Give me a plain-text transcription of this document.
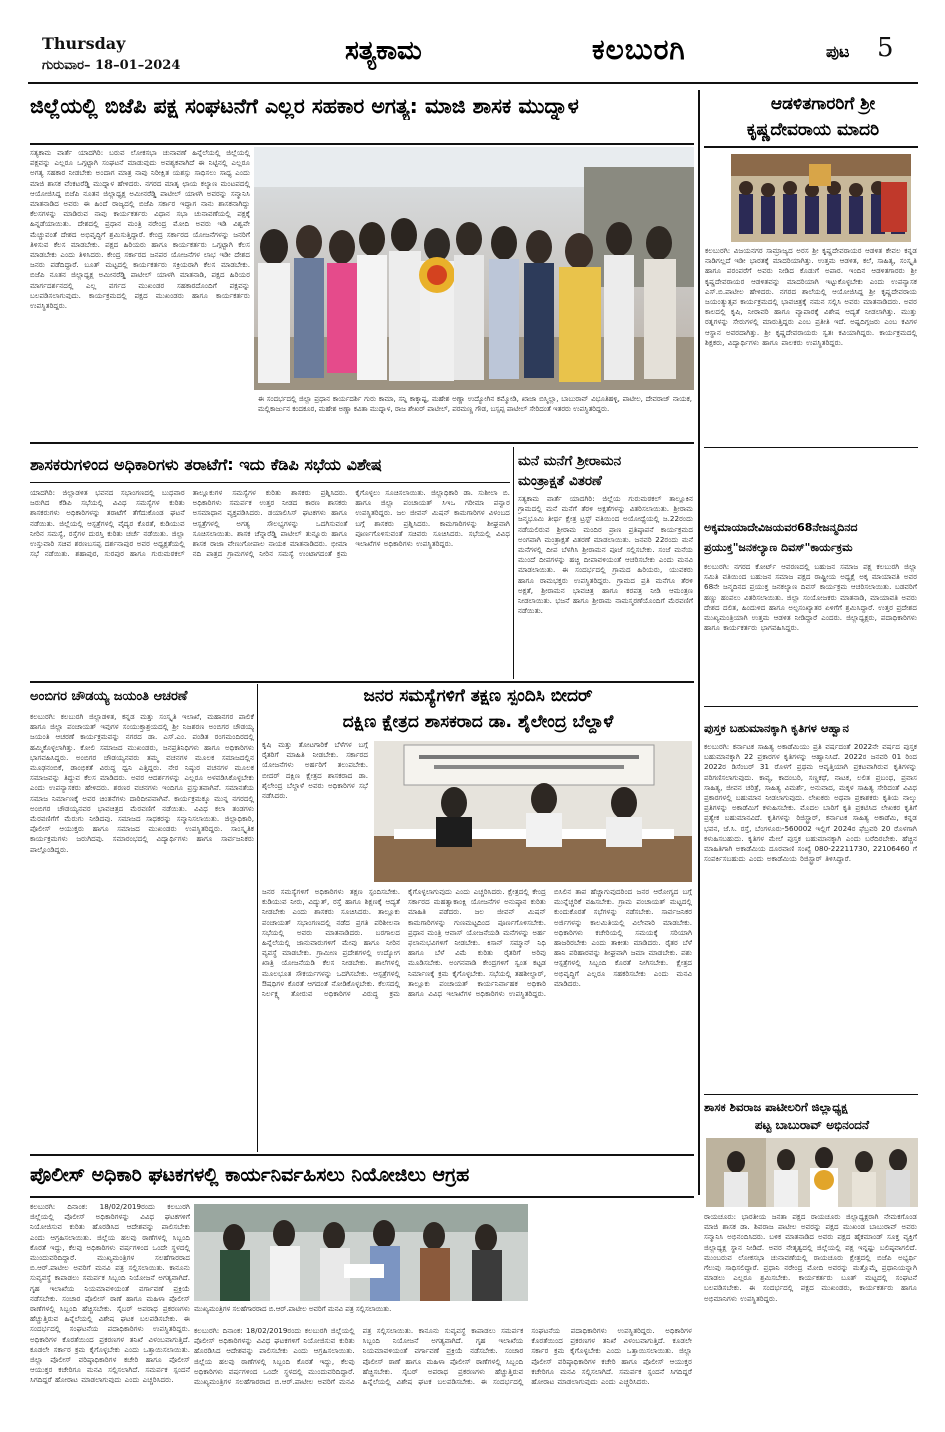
Thursday
ಗುರುವಾರ– 18–01–2024	ಸತ್ಯಕಾಮ	ಕಲಬುರಗಿ	ಪುಟ 5
ಜಿಲ್ಲೆಯಲ್ಲಿ ಬಿಜೆಪಿ ಪಕ್ಷ ಸಂಘಟನೆಗೆ ಎಲ್ಲರ ಸಹಕಾರ ಅಗತ್ಯ: ಮಾಜಿ ಶಾಸಕ ಮುದ್ನಾಳ
ಸತ್ಯಕಾಮ ವಾರ್ತೆ ಯಾದಗಿರಿ: ಬರುವ ಲೋಕಸಭಾ ಚುನಾವಣೆ ಹಿನ್ನೆಲೆಯಲ್ಲಿ ಜಿಲ್ಲೆಯಲ್ಲಿ ಪಕ್ಷವನ್ನು ಎಲ್ಲರೂ ಒಗ್ಗಟ್ಟಾಗಿ ಸಂಘಟನೆ ಮಾಡುವುದು ಅವಶ್ಯಕವಾಗಿದೆ ಈ ನಿಟ್ಟಿನಲ್ಲಿ ಎಲ್ಲರೂ ಅಗತ್ಯ ಸಹಕಾರ ನೀಡಬೇಕು ಅಂದಾಗ ಮಾತ್ರ ನಾವು ನಿರೀಕ್ಷಿತ ಯಶಸ್ಸು ಸಾಧಿಸಲು ಸಾಧ್ಯ ಎಂದು ಮಾಜಿ ಶಾಸಕ ವೆಂಕಟರೆಡ್ಡಿ ಮುದ್ನಾಳ ಹೇಳಿದರು. ನಗರದ ಮಾತೃ ಛಾಯ ಕಲ್ಯಾಣ ಮಂಟಪದಲ್ಲಿ ಆಯೋಜಿಸಿದ್ದ ಬಿಜೆಪಿ ನೂತನ ಜಿಲ್ಲಾಧ್ಯಕ್ಷ ಅಮೀನರೆಡ್ಡಿ ಪಾಟೀಲ್ ಯಾಳಗಿ ಅವರನ್ನು ಸನ್ಮಾನಿಸಿ ಮಾತನಾಡಿದ ಅವರು ಈ ಹಿಂದೆ ರಾಜ್ಯದಲ್ಲಿ ಬಿಜೆಪಿ ಸರ್ಕಾರ ಇದ್ದಾಗ ನಾನು ಶಾಸಕನಾಗಿದ್ದು ಕೆಲಸಗಳನ್ನು ಮಾಡಿರುವ ನಾವು ಕಾರ್ಯಕರ್ತರು ವಿಧಾನ ಸಭಾ ಚುನಾವಣೆಯಲ್ಲಿ ಪಕ್ಷಕ್ಕೆ ಹಿನ್ನಡೆಯಾಯಿತು. ದೇಶದಲ್ಲಿ ಪ್ರಧಾನ ಮಂತ್ರಿ ನರೇಂದ್ರ ಮೋದಿ ಅವರು ಇಡಿ ವಿಶ್ವವೇ ಮೆಚ್ಚುವಂತೆ ದೇಶದ ಅಭಿವೃದ್ಧಿಗೆ ಶ್ರಮಿಸುತ್ತಿದ್ದಾರೆ. ಕೇಂದ್ರ ಸರ್ಕಾರದ ಯೋಜನೆಗಳನ್ನು ಜನರಿಗೆ ತಿಳಿಸುವ ಕೆಲಸ ಮಾಡಬೇಕು. ಪಕ್ಷದ ಹಿರಿಯರು ಹಾಗೂ ಕಾರ್ಯಕರ್ತರು ಒಗ್ಗಟ್ಟಾಗಿ ಕೆಲಸ ಮಾಡಬೇಕು ಎಂದು ತಿಳಿಸಿದರು. ಕೇಂದ್ರ ಸರ್ಕಾರದ ಜನಪರ ಯೋಜನೆಗಳ ಲಾಭ ಇಡೀ ದೇಶದ ಜನರು ಪಡೆದಿದ್ದಾರೆ. ಬೂತ್ ಮಟ್ಟದಲ್ಲಿ ಕಾರ್ಯಕರ್ತರು ಸಕ್ರಿಯರಾಗಿ ಕೆಲಸ ಮಾಡಬೇಕು. ಬಿಜೆಪಿ ನೂತನ ಜಿಲ್ಲಾಧ್ಯಕ್ಷ ಅಮೀನರೆಡ್ಡಿ ಪಾಟೀಲ್ ಯಾಳಗಿ ಮಾತನಾಡಿ, ಪಕ್ಷದ ಹಿರಿಯರ ಮಾರ್ಗದರ್ಶನದಲ್ಲಿ ಎಲ್ಲ ವರ್ಗದ ಮುಖಂಡರ ಸಹಕಾರದೊಂದಿಗೆ ಪಕ್ಷವನ್ನು ಬಲಪಡಿಸಲಾಗುವುದು. ಕಾರ್ಯಕ್ರಮದಲ್ಲಿ ಪಕ್ಷದ ಮುಖಂಡರು ಹಾಗೂ ಕಾರ್ಯಕರ್ತರು ಉಪಸ್ಥಿತರಿದ್ದರು.
ಈ ಸಂದರ್ಭದಲ್ಲಿ ಜಿಲ್ಲಾ ಪ್ರಧಾನ ಕಾರ್ಯದರ್ಶಿ ಗುರು ಕಾಮಾ, ಸನ್ನಿ ಕಾಕ್ಕಾಷ್ಟ, ಮಹೇಶ ಅಣ್ಣಾ ಉದ್ಯೋಗಿನ ಕಮ್ಮೋಡಿ, ಖಾಜಾ ಬಿಸ್ಮಿಲ್ಲಾ, ಬಾಬುರಾವ್ ವಿಭೂತಿಹಳ್ಳಿ, ಪಾಟೀಲ, ದೇವರಾಜ್ ನಾಯಕ, ಮಲ್ಲಿಕಾರ್ಜುನ ಕಂದಕೂರ, ಮಹೇಶ ಅಣ್ಣಾ ಕವಿತಾ ಮುದ್ನಾಳ, ರಾಜ ಶೇಖರ್ ಪಾಟೀಲ್, ಪರಮಣ್ಣ ಗೌಡ, ಬಸ್ಸಪ್ಪ ಪಾಟೀಲ್ ಸೇರಿದಂತೆ ಇತರರು ಉಪಸ್ಥಿತರಿದ್ದರು.
ಆಡಳಿತಗಾರರಿಗೆ ಶ್ರೀ
ಕೃಷ್ಣದೇವರಾಯ ಮಾದರಿ
ಕಲಬುರಗಿ: ವಿಜಯನಗರ ಸಾಮ್ರಾಜ್ಯದ ಅರಸ ಶ್ರೀ ಕೃಷ್ಣದೇವರಾಯರ ಆಡಳಿತ ಕೇವಲ ಕನ್ನಡ ನಾಡಿಗಲ್ಲದೆ ಇಡೀ ಭಾರತಕ್ಕೆ ಮಾದರಿಯಾಗಿತ್ತು. ಉತ್ತಮ ಆಡಳಿತ, ಕಲೆ, ಸಾಹಿತ್ಯ, ಸಂಸ್ಕೃತಿ ಹಾಗೂ ಪರಂಪರೆಗೆ ಅವರು ನೀಡಿದ ಕೊಡುಗೆ ಅಪಾರ. ಇಂದಿನ ಆಡಳಿತಗಾರರು ಶ್ರೀ ಕೃಷ್ಣದೇವರಾಯರ ಆಡಳಿತವನ್ನು ಮಾದರಿಯಾಗಿ ಇಟ್ಟುಕೊಳ್ಳಬೇಕು ಎಂದು ಉಪನ್ಯಾಸಕ ಎಸ್.ಬಿ.ಪಾಟೀಲ ಹೇಳಿದರು. ನಗರದ ಶಾಲೆಯಲ್ಲಿ ಆಯೋಜಿಸಿದ್ದ ಶ್ರೀ ಕೃಷ್ಣದೇವರಾಯ ಜಯಂತ್ಯುತ್ಸವ ಕಾರ್ಯಕ್ರಮದಲ್ಲಿ ಭಾವಚಿತ್ರಕ್ಕೆ ನಮನ ಸಲ್ಲಿಸಿ ಅವರು ಮಾತನಾಡಿದರು. ಅವರ ಕಾಲದಲ್ಲಿ ಕೃಷಿ, ನೀರಾವರಿ ಹಾಗೂ ವ್ಯಾಪಾರಕ್ಕೆ ವಿಶೇಷ ಆದ್ಯತೆ ನೀಡಲಾಗಿತ್ತು. ಮುತ್ತು ರತ್ನಗಳನ್ನು ಸೇರುಗಳಲ್ಲಿ ಮಾರುತ್ತಿದ್ದರು ಎಂಬ ಪ್ರತೀತಿ ಇದೆ. ಅಷ್ಟದಿಗ್ಗಜರು ಎಂಬ ಕವಿಗಳ ಆಸ್ಥಾನ ಅವರದಾಗಿತ್ತು. ಶ್ರೀ ಕೃಷ್ಣದೇವರಾಯರು ಸ್ವತಃ ಕವಿಯಾಗಿದ್ದರು. ಕಾರ್ಯಕ್ರಮದಲ್ಲಿ ಶಿಕ್ಷಕರು, ವಿದ್ಯಾರ್ಥಿಗಳು ಹಾಗೂ ಪಾಲಕರು ಉಪಸ್ಥಿತರಿದ್ದರು.
ಶಾಸಕರುಗಳಿಂದ ಅಧಿಕಾರಿಗಳು ತರಾಟೆಗೆ: ಇದು ಕೆಡಿಪಿ ಸಭೆಯ ವಿಶೇಷ
ಯಾದಗಿರಿ: ಜಿಲ್ಲಾಡಳಿತ ಭವನದ ಸಭಾಂಗಣದಲ್ಲಿ ಬುಧವಾರ ಜರುಗಿದ ಕೆಡಿಪಿ ಸಭೆಯಲ್ಲಿ ವಿವಿಧ ಸಮಸ್ಯೆಗಳ ಕುರಿತು ಶಾಸಕರುಗಳು ಅಧಿಕಾರಿಗಳನ್ನು ತರಾಟೆಗೆ ತೆಗೆದುಕೊಂಡ ಘಟನೆ ನಡೆಯಿತು. ಜಿಲ್ಲೆಯಲ್ಲಿ ಆಸ್ಪತ್ರೆಗಳಲ್ಲಿ ವೈದ್ಯರ ಕೊರತೆ, ಕುಡಿಯುವ ನೀರಿನ ಸಮಸ್ಯೆ, ರಸ್ತೆಗಳ ದುರಸ್ತಿ ಕುರಿತು ಚರ್ಚೆ ನಡೆಯಿತು. ಜಿಲ್ಲಾ ಉಸ್ತುವಾರಿ ಸಚಿವ ಶರಣಬಸಪ್ಪ ದರ್ಶನಾಪುರ ಅವರ ಅಧ್ಯಕ್ಷತೆಯಲ್ಲಿ ಸಭೆ ನಡೆಯಿತು. ಶಹಾಪುರ, ಸುರಪುರ ಹಾಗೂ ಗುರುಮಠಕಲ್ ತಾಲ್ಲೂಕುಗಳ ಸಮಸ್ಯೆಗಳ ಕುರಿತು ಶಾಸಕರು ಪ್ರಶ್ನಿಸಿದರು. ಅಧಿಕಾರಿಗಳು ಸಮರ್ಪಕ ಉತ್ತರ ನೀಡದ ಕಾರಣ ಶಾಸಕರು ಅಸಮಾಧಾನ ವ್ಯಕ್ತಪಡಿಸಿದರು. ಡಯಾಲಿಸಿಸ್ ಘಟಕಗಳು ಹಾಗೂ ಆಸ್ಪತ್ರೆಗಳಲ್ಲಿ ಅಗತ್ಯ ಸೌಲಭ್ಯಗಳನ್ನು ಒದಗಿಸುವಂತೆ ಸೂಚಿಸಲಾಯಿತು. ಶಾಸಕ ಚೆನ್ನಾರೆಡ್ಡಿ ಪಾಟೀಲ್ ತುನ್ನೂರು ಹಾಗೂ ಶಾಸಕ ರಾಜಾ ವೇಣುಗೋಪಾಲ ನಾಯಕ ಮಾತನಾಡಿದರು. ಭೀಮಾ ನದಿ ಪಾತ್ರದ ಗ್ರಾಮಗಳಲ್ಲಿ ನೀರಿನ ಸಮಸ್ಯೆ ಉಂಟಾಗದಂತೆ ಕ್ರಮ ಕೈಗೊಳ್ಳಲು ಸೂಚಿಸಲಾಯಿತು. ಜಿಲ್ಲಾಧಿಕಾರಿ ಡಾ. ಸುಶೀಲಾ ಬಿ. ಹಾಗೂ ಜಿಲ್ಲಾ ಪಂಚಾಯತ್ ಸಿಇಒ ಗರೀಮಾ ಪನ್ವಾರ ಉಪಸ್ಥಿತರಿದ್ದರು. ಜಲ ಜೀವನ್ ಮಿಷನ್ ಕಾಮಗಾರಿಗಳ ವಿಳಂಬದ ಬಗ್ಗೆ ಶಾಸಕರು ಪ್ರಶ್ನಿಸಿದರು. ಕಾಮಗಾರಿಗಳನ್ನು ಶೀಘ್ರವಾಗಿ ಪೂರ್ಣಗೊಳಿಸುವಂತೆ ಸಚಿವರು ಸೂಚಿಸಿದರು. ಸಭೆಯಲ್ಲಿ ವಿವಿಧ ಇಲಾಖೆಗಳ ಅಧಿಕಾರಿಗಳು ಉಪಸ್ಥಿತರಿದ್ದರು.
ಮನೆ ಮನೆಗೆ ಶ್ರೀರಾಮನ
ಮಂತ್ರಾಕ್ಷತೆ ವಿತರಣೆ
ಸತ್ಯಕಾಮ ವಾರ್ತೆ ಯಾದಗಿರಿ: ಜಿಲ್ಲೆಯ ಗುರುಮಠಕಲ್ ತಾಲ್ಲೂಕಿನ ಗ್ರಾಮದಲ್ಲಿ ಮನೆ ಮನೆಗೆ ತೆರಳಿ ಅಕ್ಷತೆಗಳನ್ನು ವಿತರಿಸಲಾಯಿತು. ಶ್ರೀರಾಮ ಜನ್ಮಭೂಮಿ ತೀರ್ಥ ಕ್ಷೇತ್ರ ಟ್ರಸ್ಟ್ ವತಿಯಿಂದ ಅಯೋಧ್ಯೆಯಲ್ಲಿ ಜ.22ರಂದು ನಡೆಯಲಿರುವ ಶ್ರೀರಾಮ ಮಂದಿರ ಪ್ರಾಣ ಪ್ರತಿಷ್ಠಾಪನೆ ಕಾರ್ಯಕ್ರಮದ ಅಂಗವಾಗಿ ಮಂತ್ರಾಕ್ಷತೆ ವಿತರಣೆ ಮಾಡಲಾಯಿತು. ಜನವರಿ 22ರಂದು ಮನೆ ಮನೆಗಳಲ್ಲಿ ದೀಪ ಬೆಳಗಿಸಿ ಶ್ರೀರಾಮನ ಪೂಜೆ ಸಲ್ಲಿಸಬೇಕು. ಸಂಜೆ ಮನೆಯ ಮುಂದೆ ದೀಪಗಳನ್ನು ಹಚ್ಚಿ ದೀಪಾವಳಿಯಂತೆ ಆಚರಿಸಬೇಕು ಎಂದು ಮನವಿ ಮಾಡಲಾಯಿತು. ಈ ಸಂದರ್ಭದಲ್ಲಿ ಗ್ರಾಮದ ಹಿರಿಯರು, ಯುವಕರು ಹಾಗೂ ರಾಮಭಕ್ತರು ಉಪಸ್ಥಿತರಿದ್ದರು. ಗ್ರಾಮದ ಪ್ರತಿ ಮನೆಗೂ ತೆರಳಿ ಅಕ್ಷತೆ, ಶ್ರೀರಾಮನ ಭಾವಚಿತ್ರ ಹಾಗೂ ಕರಪತ್ರ ನೀಡಿ ಆಮಂತ್ರಣ ನೀಡಲಾಯಿತು. ಭಜನೆ ಹಾಗೂ ಶ್ರೀರಾಮ ನಾಮಸ್ಮರಣೆಯೊಂದಿಗೆ ಮೆರವಣಿಗೆ ನಡೆಯಿತು.
ಅಕ್ಕಮಾಯಾದೇವಿಜಯವರ68ನೇಜನ್ಮದಿನದ
ಪ್ರಯುಕ್ತ"ಜನಕಲ್ಯಾಣ ದಿವಸ್"ಕಾರ್ಯಕ್ರಮ
ಕಲಬುರಗಿ: ನಗರದ ಕೋರ್ಟ್ ಆವರಣದಲ್ಲಿ ಬಹುಜನ ಸಮಾಜ ಪಕ್ಷ ಕಲಬುರಗಿ ಜಿಲ್ಲಾ ಸಮಿತಿ ವತಿಯಿಂದ ಬಹುಜನ ಸಮಾಜ ಪಕ್ಷದ ರಾಷ್ಟ್ರೀಯ ಅಧ್ಯಕ್ಷೆ ಅಕ್ಕ ಮಾಯಾವತಿ ಅವರ 68ನೇ ಜನ್ಮದಿನದ ಪ್ರಯುಕ್ತ ಜನಕಲ್ಯಾಣ ದಿವಸ್ ಕಾರ್ಯಕ್ರಮ ಆಚರಿಸಲಾಯಿತು. ಬಡವರಿಗೆ ಹಣ್ಣು ಹಂಪಲು ವಿತರಿಸಲಾಯಿತು. ಜಿಲ್ಲಾ ಸಂಯೋಜಕರು ಮಾತನಾಡಿ, ಮಾಯಾವತಿ ಅವರು ದೇಶದ ದಲಿತ, ಹಿಂದುಳಿದ ಹಾಗೂ ಅಲ್ಪಸಂಖ್ಯಾತರ ಏಳಿಗೆಗೆ ಶ್ರಮಿಸಿದ್ದಾರೆ. ಉತ್ತರ ಪ್ರದೇಶದ ಮುಖ್ಯಮಂತ್ರಿಯಾಗಿ ಉತ್ತಮ ಆಡಳಿತ ನೀಡಿದ್ದಾರೆ ಎಂದರು. ಜಿಲ್ಲಾಧ್ಯಕ್ಷರು, ಪದಾಧಿಕಾರಿಗಳು ಹಾಗೂ ಕಾರ್ಯಕರ್ತರು ಭಾಗವಹಿಸಿದ್ದರು.
ಅಂಬಿಗರ ಚೌಡಯ್ಯ ಜಯಂತಿ ಆಚರಣೆ
ಕಲಬುರಗಿ: ಕಲಬುರಗಿ ಜಿಲ್ಲಾಡಳಿತ, ಕನ್ನಡ ಮತ್ತು ಸಂಸ್ಕೃತಿ ಇಲಾಖೆ, ಮಹಾನಗರ ಪಾಲಿಕೆ ಹಾಗೂ ಜಿಲ್ಲಾ ಪಂಚಾಯತ್ ಇವುಗಳ ಸಂಯುಕ್ತಾಶ್ರಯದಲ್ಲಿ ಶ್ರೀ ನಿಜಶರಣ ಅಂಬಿಗರ ಚೌಡಯ್ಯ ಜಯಂತಿ ಆಚರಣೆ ಕಾರ್ಯಕ್ರಮವನ್ನು ನಗರದ ಡಾ. ಎಸ್.ಎಂ. ಪಂಡಿತ ರಂಗಮಂದಿರದಲ್ಲಿ ಹಮ್ಮಿಕೊಳ್ಳಲಾಗಿತ್ತು. ಕೋಲಿ ಸಮಾಜದ ಮುಖಂಡರು, ಜನಪ್ರತಿನಿಧಿಗಳು ಹಾಗೂ ಅಧಿಕಾರಿಗಳು ಭಾಗವಹಿಸಿದ್ದರು. ಅಂಬಿಗರ ಚೌಡಯ್ಯನವರು ತಮ್ಮ ವಚನಗಳ ಮೂಲಕ ಸಮಾಜದಲ್ಲಿನ ಮೂಢನಂಬಿಕೆ, ಡಾಂಭಿಕತೆ ವಿರುದ್ಧ ಧ್ವನಿ ಎತ್ತಿದ್ದರು. ನೇರ ನಿಷ್ಠುರ ವಚನಗಳ ಮೂಲಕ ಸಮಾಜವನ್ನು ತಿದ್ದುವ ಕೆಲಸ ಮಾಡಿದರು. ಅವರ ಆದರ್ಶಗಳನ್ನು ಎಲ್ಲರೂ ಅಳವಡಿಸಿಕೊಳ್ಳಬೇಕು ಎಂದು ಉಪನ್ಯಾಸಕರು ಹೇಳಿದರು. ಶರಣರ ವಚನಗಳು ಇಂದಿಗೂ ಪ್ರಸ್ತುತವಾಗಿವೆ. ಸಮಾನತೆಯ ಸಮಾಜ ನಿರ್ಮಾಣಕ್ಕೆ ಅವರ ಚಿಂತನೆಗಳು ದಾರಿದೀಪವಾಗಿವೆ. ಕಾರ್ಯಕ್ರಮಕ್ಕೂ ಮುನ್ನ ನಗರದಲ್ಲಿ ಅಂಬಿಗರ ಚೌಡಯ್ಯನವರ ಭಾವಚಿತ್ರದ ಮೆರವಣಿಗೆ ನಡೆಯಿತು. ವಿವಿಧ ಕಲಾ ತಂಡಗಳು ಮೆರವಣಿಗೆಗೆ ಮೆರುಗು ನೀಡಿದವು. ಸಮಾಜದ ಸಾಧಕರನ್ನು ಸನ್ಮಾನಿಸಲಾಯಿತು. ಜಿಲ್ಲಾಧಿಕಾರಿ, ಪೊಲೀಸ್ ಆಯುಕ್ತರು ಹಾಗೂ ಸಮಾಜದ ಮುಖಂಡರು ಉಪಸ್ಥಿತರಿದ್ದರು. ಸಾಂಸ್ಕೃತಿಕ ಕಾರ್ಯಕ್ರಮಗಳು ಜರುಗಿದವು. ಸಮಾರಂಭದಲ್ಲಿ ವಿದ್ಯಾರ್ಥಿಗಳು ಹಾಗೂ ಸಾರ್ವಜನಿಕರು ಪಾಲ್ಗೊಂಡಿದ್ದರು.
ಜನರ ಸಮಸ್ಯೆಗಳಿಗೆ ತಕ್ಷಣ ಸ್ಪಂದಿಸಿ ಬೀದರ್
ದಕ್ಷಿಣ ಕ್ಷೇತ್ರದ ಶಾಸಕರಾದ ಡಾ. ಶೈಲೇಂದ್ರ ಬೆಲ್ದಾಳೆ
ಕೃಷಿ ಮತ್ತು ತೋಟಗಾರಿಕೆ ಬೆಳೆಗಳ ಬಗ್ಗೆ ರೈತರಿಗೆ ಮಾಹಿತಿ ನೀಡಬೇಕು. ಸರ್ಕಾರದ ಯೋಜನೆಗಳು ಅರ್ಹರಿಗೆ ತಲುಪಬೇಕು. ಬೀದರ್ ದಕ್ಷಿಣ ಕ್ಷೇತ್ರದ ಶಾಸಕರಾದ ಡಾ. ಶೈಲೇಂದ್ರ ಬೆಲ್ದಾಳೆ ಅವರು ಅಧಿಕಾರಿಗಳ ಸಭೆ ನಡೆಸಿದರು.
ಜನರ ಸಮಸ್ಯೆಗಳಿಗೆ ಅಧಿಕಾರಿಗಳು ತಕ್ಷಣ ಸ್ಪಂದಿಸಬೇಕು. ಕುಡಿಯುವ ನೀರು, ವಿದ್ಯುತ್, ರಸ್ತೆ ಹಾಗೂ ಶಿಕ್ಷಣಕ್ಕೆ ಆದ್ಯತೆ ನೀಡಬೇಕು ಎಂದು ಶಾಸಕರು ಸೂಚಿಸಿದರು. ತಾಲ್ಲೂಕು ಪಂಚಾಯತ್ ಸಭಾಂಗಣದಲ್ಲಿ ನಡೆದ ಪ್ರಗತಿ ಪರಿಶೀಲನಾ ಸಭೆಯಲ್ಲಿ ಅವರು ಮಾತನಾಡಿದರು. ಬರಗಾಲದ ಹಿನ್ನೆಲೆಯಲ್ಲಿ ಜಾನುವಾರುಗಳಿಗೆ ಮೇವು ಹಾಗೂ ನೀರಿನ ವ್ಯವಸ್ಥೆ ಮಾಡಬೇಕು. ಗ್ರಾಮೀಣ ಪ್ರದೇಶಗಳಲ್ಲಿ ಉದ್ಯೋಗ ಖಾತ್ರಿ ಯೋಜನೆಯಡಿ ಕೆಲಸ ನೀಡಬೇಕು. ಶಾಲೆಗಳಲ್ಲಿ ಮೂಲಭೂತ ಸೌಕರ್ಯಗಳನ್ನು ಒದಗಿಸಬೇಕು. ಆಸ್ಪತ್ರೆಗಳಲ್ಲಿ ಔಷಧಿಗಳ ಕೊರತೆ ಆಗದಂತೆ ನೋಡಿಕೊಳ್ಳಬೇಕು. ಕೆಲಸದಲ್ಲಿ ನಿರ್ಲಕ್ಷ್ಯ ತೋರುವ ಅಧಿಕಾರಿಗಳ ವಿರುದ್ಧ ಕ್ರಮ ಕೈಗೊಳ್ಳಲಾಗುವುದು ಎಂದು ಎಚ್ಚರಿಸಿದರು. ಕ್ಷೇತ್ರದಲ್ಲಿ ಕೇಂದ್ರ ಸರ್ಕಾರದ ಮಹತ್ವಾಕಾಂಕ್ಷಿ ಯೋಜನೆಗಳ ಅನುಷ್ಠಾನ ಕುರಿತು ಮಾಹಿತಿ ಪಡೆದರು. ಜಲ ಜೀವನ್ ಮಿಷನ್ ಕಾಮಗಾರಿಗಳನ್ನು ಗುಣಮಟ್ಟದಿಂದ ಪೂರ್ಣಗೊಳಿಸಬೇಕು. ಪ್ರಧಾನ ಮಂತ್ರಿ ಆವಾಸ್ ಯೋಜನೆಯಡಿ ಮನೆಗಳನ್ನು ಅರ್ಹ ಫಲಾನುಭವಿಗಳಿಗೆ ನೀಡಬೇಕು. ಕಿಸಾನ್ ಸಮ್ಮಾನ್ ನಿಧಿ ಹಾಗೂ ಬೆಳೆ ವಿಮೆ ಕುರಿತು ರೈತರಿಗೆ ಅರಿವು ಮೂಡಿಸಬೇಕು. ಅಂಗನವಾಡಿ ಕೇಂದ್ರಗಳಿಗೆ ಸ್ವಂತ ಕಟ್ಟಡ ನಿರ್ಮಾಣಕ್ಕೆ ಕ್ರಮ ಕೈಗೊಳ್ಳಬೇಕು. ಸಭೆಯಲ್ಲಿ ತಹಶೀಲ್ದಾರ್, ತಾಲ್ಲೂಕು ಪಂಚಾಯತ್ ಕಾರ್ಯನಿರ್ವಾಹಕ ಅಧಿಕಾರಿ ಹಾಗೂ ವಿವಿಧ ಇಲಾಖೆಗಳ ಅಧಿಕಾರಿಗಳು ಉಪಸ್ಥಿತರಿದ್ದರು. ಬಿಸಿಲಿನ ತಾಪ ಹೆಚ್ಚಾಗುವುದರಿಂದ ಜನರ ಆರೋಗ್ಯದ ಬಗ್ಗೆ ಮುನ್ನೆಚ್ಚರಿಕೆ ವಹಿಸಬೇಕು. ಗ್ರಾಮ ಪಂಚಾಯತ್ ಮಟ್ಟದಲ್ಲಿ ಕುಂದುಕೊರತೆ ಸಭೆಗಳನ್ನು ನಡೆಸಬೇಕು. ಸಾರ್ವಜನಿಕರ ಅರ್ಜಿಗಳನ್ನು ಕಾಲಮಿತಿಯಲ್ಲಿ ವಿಲೇವಾರಿ ಮಾಡಬೇಕು. ಅಧಿಕಾರಿಗಳು ಕಚೇರಿಯಲ್ಲಿ ಸಮಯಕ್ಕೆ ಸರಿಯಾಗಿ ಹಾಜರಿರಬೇಕು ಎಂದು ತಾಕೀತು ಮಾಡಿದರು. ರೈತರ ಬೆಳೆ ಹಾನಿ ಪರಿಹಾರವನ್ನು ಶೀಘ್ರವಾಗಿ ಜಮಾ ಮಾಡಬೇಕು. ಪಶು ಆಸ್ಪತ್ರೆಗಳಲ್ಲಿ ಸಿಬ್ಬಂದಿ ಕೊರತೆ ನೀಗಿಸಬೇಕು. ಕ್ಷೇತ್ರದ ಅಭಿವೃದ್ಧಿಗೆ ಎಲ್ಲರೂ ಸಹಕರಿಸಬೇಕು ಎಂದು ಮನವಿ ಮಾಡಿದರು.
ಪುಸ್ತಕ ಬಹುಮಾನಕ್ಕಾಗಿ ಕೃತಿಗಳ ಆಹ್ವಾನ
ಕಲಬುರಗಿ: ಕರ್ನಾಟಕ ಸಾಹಿತ್ಯ ಅಕಾಡೆಮಿಯು ಪ್ರತಿ ವರ್ಷದಂತೆ 2022ನೇ ವರ್ಷದ ಪುಸ್ತಕ ಬಹುಮಾನಕ್ಕಾಗಿ 22 ಪ್ರಕಾರಗಳ ಕೃತಿಗಳನ್ನು ಆಹ್ವಾನಿಸಿದೆ. 2022ರ ಜನವರಿ 01 ರಿಂದ 2022ರ ಡಿಸೆಂಬರ್ 31 ರೊಳಗೆ ಪ್ರಥಮ ಆವೃತ್ತಿಯಾಗಿ ಪ್ರಕಟವಾಗಿರುವ ಕೃತಿಗಳನ್ನು ಪರಿಗಣಿಸಲಾಗುವುದು. ಕಾವ್ಯ, ಕಾದಂಬರಿ, ಸಣ್ಣಕಥೆ, ನಾಟಕ, ಲಲಿತ ಪ್ರಬಂಧ, ಪ್ರವಾಸ ಸಾಹಿತ್ಯ, ಜೀವನ ಚರಿತ್ರೆ, ಸಾಹಿತ್ಯ ವಿಮರ್ಶೆ, ಅನುವಾದ, ಮಕ್ಕಳ ಸಾಹಿತ್ಯ ಸೇರಿದಂತೆ ವಿವಿಧ ಪ್ರಕಾರಗಳಲ್ಲಿ ಬಹುಮಾನ ನೀಡಲಾಗುವುದು. ಲೇಖಕರು ಅಥವಾ ಪ್ರಕಾಶಕರು ಕೃತಿಯ ನಾಲ್ಕು ಪ್ರತಿಗಳನ್ನು ಅಕಾಡೆಮಿಗೆ ಕಳುಹಿಸಬೇಕು. ಮೊದಲ ಬಾರಿಗೆ ಕೃತಿ ಪ್ರಕಟಿಸಿದ ಲೇಖಕರ ಕೃತಿಗೆ ಪ್ರತ್ಯೇಕ ಬಹುಮಾನವಿದೆ. ಕೃತಿಗಳನ್ನು ರಿಜಿಸ್ಟ್ರಾರ್, ಕರ್ನಾಟಕ ಸಾಹಿತ್ಯ ಅಕಾಡೆಮಿ, ಕನ್ನಡ ಭವನ, ಜೆ.ಸಿ. ರಸ್ತೆ, ಬೆಂಗಳೂರು-560002 ಇಲ್ಲಿಗೆ 2024ರ ಫೆಬ್ರವರಿ 20 ರೊಳಗಾಗಿ ಕಳುಹಿಸಬಹುದು. ಕೃತಿಗಳ ಮೇಲೆ ಪುಸ್ತಕ ಬಹುಮಾನಕ್ಕಾಗಿ ಎಂದು ಬರೆದಿರಬೇಕು. ಹೆಚ್ಚಿನ ಮಾಹಿತಿಗಾಗಿ ಅಕಾಡೆಮಿಯ ದೂರವಾಣಿ ಸಂಖ್ಯೆ 080-22211730, 22106460 ಗೆ ಸಂಪರ್ಕಿಸಬಹುದು ಎಂದು ಅಕಾಡೆಮಿಯ ರಿಜಿಸ್ಟ್ರಾರ್ ತಿಳಿಸಿದ್ದಾರೆ.
ಶಾಸಕ ಶಿವರಾಜ ಪಾಟೀಲರಿಗೆ ಜಿಲ್ಲಾಧ್ಯಕ್ಷ
ಪಟ್ಟ ಬಾಬುರಾವ್ ಅಭಿನಂದನೆ
ರಾಯಚೂರು: ಭಾರತೀಯ ಜನತಾ ಪಕ್ಷದ ರಾಯಚೂರು ಜಿಲ್ಲಾಧ್ಯಕ್ಷರಾಗಿ ನೇಮಕಗೊಂಡ ಮಾಜಿ ಶಾಸಕ ಡಾ. ಶಿವರಾಜ ಪಾಟೀಲ ಅವರನ್ನು ಪಕ್ಷದ ಮುಖಂಡ ಬಾಬುರಾವ್ ಅವರು ಸನ್ಮಾನಿಸಿ ಅಭಿನಂದಿಸಿದರು. ಬಳಿಕ ಮಾತನಾಡಿದ ಅವರು ಪಕ್ಷದ ಹೈಕಮಾಂಡ್ ಸೂಕ್ತ ವ್ಯಕ್ತಿಗೆ ಜಿಲ್ಲಾಧ್ಯಕ್ಷ ಸ್ಥಾನ ನೀಡಿದೆ. ಅವರ ನೇತೃತ್ವದಲ್ಲಿ ಜಿಲ್ಲೆಯಲ್ಲಿ ಪಕ್ಷ ಇನ್ನಷ್ಟು ಬಲಿಷ್ಠವಾಗಲಿದೆ. ಮುಂಬರುವ ಲೋಕಸಭಾ ಚುನಾವಣೆಯಲ್ಲಿ ರಾಯಚೂರು ಕ್ಷೇತ್ರದಲ್ಲಿ ಬಿಜೆಪಿ ಅಭ್ಯರ್ಥಿ ಗೆಲುವು ಸಾಧಿಸಲಿದ್ದಾರೆ. ಪ್ರಧಾನಿ ನರೇಂದ್ರ ಮೋದಿ ಅವರನ್ನು ಮತ್ತೊಮ್ಮೆ ಪ್ರಧಾನಿಯನ್ನಾಗಿ ಮಾಡಲು ಎಲ್ಲರೂ ಶ್ರಮಿಸಬೇಕು. ಕಾರ್ಯಕರ್ತರು ಬೂತ್ ಮಟ್ಟದಲ್ಲಿ ಸಂಘಟನೆ ಬಲಪಡಿಸಬೇಕು. ಈ ಸಂದರ್ಭದಲ್ಲಿ ಪಕ್ಷದ ಮುಖಂಡರು, ಕಾರ್ಯಕರ್ತರು ಹಾಗೂ ಅಭಿಮಾನಿಗಳು ಉಪಸ್ಥಿತರಿದ್ದರು.
ಪೊಲೀಸ್ ಅಧಿಕಾರಿ ಘಟಕಗಳಲ್ಲಿ ಕಾರ್ಯನಿರ್ವಹಿಸಲು ನಿಯೋಜಿಲು ಆಗ್ರಹ
ಕಲಬುರಗಿ: ದಿನಾಂಕ: 18/02/2019ರಂದು ಕಲಬುರಗಿ ಜಿಲ್ಲೆಯಲ್ಲಿ ಪೊಲೀಸ್ ಅಧಿಕಾರಿಗಳನ್ನು ವಿವಿಧ ಘಟಕಗಳಿಗೆ ನಿಯೋಜಿಸುವ ಕುರಿತು ಹೊರಡಿಸಿದ ಆದೇಶವನ್ನು ಪಾಲಿಸಬೇಕು ಎಂದು ಆಗ್ರಹಿಸಲಾಯಿತು. ಜಿಲ್ಲೆಯ ಹಲವು ಠಾಣೆಗಳಲ್ಲಿ ಸಿಬ್ಬಂದಿ ಕೊರತೆ ಇದ್ದು, ಕೆಲವು ಅಧಿಕಾರಿಗಳು ವರ್ಷಗಳಿಂದ ಒಂದೇ ಸ್ಥಳದಲ್ಲಿ ಮುಂದುವರಿದಿದ್ದಾರೆ. ಮುಖ್ಯಮಂತ್ರಿಗಳ ಸಲಹೆಗಾರರಾದ ಬಿ.ಆರ್.ಪಾಟೀಲ ಅವರಿಗೆ ಮನವಿ ಪತ್ರ ಸಲ್ಲಿಸಲಾಯಿತು. ಕಾನೂನು ಸುವ್ಯವಸ್ಥೆ ಕಾಪಾಡಲು ಸಮರ್ಪಕ ಸಿಬ್ಬಂದಿ ನಿಯೋಜನೆ ಅಗತ್ಯವಾಗಿದೆ. ಗೃಹ ಇಲಾಖೆಯ ನಿಯಮಾವಳಿಯಂತೆ ವರ್ಗಾವಣೆ ಪ್ರಕ್ರಿಯೆ ನಡೆಸಬೇಕು. ಸಂಚಾರ ಪೊಲೀಸ್ ಠಾಣೆ ಹಾಗೂ ಮಹಿಳಾ ಪೊಲೀಸ್ ಠಾಣೆಗಳಲ್ಲಿ ಸಿಬ್ಬಂದಿ ಹೆಚ್ಚಿಸಬೇಕು. ಸೈಬರ್ ಅಪರಾಧ ಪ್ರಕರಣಗಳು ಹೆಚ್ಚುತ್ತಿರುವ ಹಿನ್ನೆಲೆಯಲ್ಲಿ ವಿಶೇಷ ಘಟಕ ಬಲಪಡಿಸಬೇಕು. ಈ ಸಂದರ್ಭದಲ್ಲಿ ಸಂಘಟನೆಯ ಪದಾಧಿಕಾರಿಗಳು ಉಪಸ್ಥಿತರಿದ್ದರು. ಅಧಿಕಾರಿಗಳ ಕೊರತೆಯಿಂದ ಪ್ರಕರಣಗಳ ತನಿಖೆ ವಿಳಂಬವಾಗುತ್ತಿದೆ. ಕೂಡಲೇ ಸರ್ಕಾರ ಕ್ರಮ ಕೈಗೊಳ್ಳಬೇಕು ಎಂದು ಒತ್ತಾಯಿಸಲಾಯಿತು. ಜಿಲ್ಲಾ ಪೊಲೀಸ್ ವರಿಷ್ಠಾಧಿಕಾರಿಗಳ ಕಚೇರಿ ಹಾಗೂ ಪೊಲೀಸ್ ಆಯುಕ್ತರ ಕಚೇರಿಗೂ ಮನವಿ ಸಲ್ಲಿಸಲಾಗಿದೆ. ಸಮರ್ಪಕ ಸ್ಪಂದನೆ ಸಿಗದಿದ್ದರೆ ಹೋರಾಟ ಮಾಡಲಾಗುವುದು ಎಂದು ಎಚ್ಚರಿಸಿದರು.
ಮುಖ್ಯಮಂತ್ರಿಗಳ ಸಲಹೆಗಾರರಾದ ಬಿ.ಆರ್.ಪಾಟೀಲ ಅವರಿಗೆ ಮನವಿ ಪತ್ರ ಸಲ್ಲಿಸಲಾಯಿತು.
ಕಲಬುರಗಿ: ದಿನಾಂಕ: 18/02/2019ರಂದು ಕಲಬುರಗಿ ಜಿಲ್ಲೆಯಲ್ಲಿ ಪೊಲೀಸ್ ಅಧಿಕಾರಿಗಳನ್ನು ವಿವಿಧ ಘಟಕಗಳಿಗೆ ನಿಯೋಜಿಸುವ ಕುರಿತು ಹೊರಡಿಸಿದ ಆದೇಶವನ್ನು ಪಾಲಿಸಬೇಕು ಎಂದು ಆಗ್ರಹಿಸಲಾಯಿತು. ಜಿಲ್ಲೆಯ ಹಲವು ಠಾಣೆಗಳಲ್ಲಿ ಸಿಬ್ಬಂದಿ ಕೊರತೆ ಇದ್ದು, ಕೆಲವು ಅಧಿಕಾರಿಗಳು ವರ್ಷಗಳಿಂದ ಒಂದೇ ಸ್ಥಳದಲ್ಲಿ ಮುಂದುವರಿದಿದ್ದಾರೆ. ಮುಖ್ಯಮಂತ್ರಿಗಳ ಸಲಹೆಗಾರರಾದ ಬಿ.ಆರ್.ಪಾಟೀಲ ಅವರಿಗೆ ಮನವಿ ಪತ್ರ ಸಲ್ಲಿಸಲಾಯಿತು. ಕಾನೂನು ಸುವ್ಯವಸ್ಥೆ ಕಾಪಾಡಲು ಸಮರ್ಪಕ ಸಿಬ್ಬಂದಿ ನಿಯೋಜನೆ ಅಗತ್ಯವಾಗಿದೆ. ಗೃಹ ಇಲಾಖೆಯ ನಿಯಮಾವಳಿಯಂತೆ ವರ್ಗಾವಣೆ ಪ್ರಕ್ರಿಯೆ ನಡೆಸಬೇಕು. ಸಂಚಾರ ಪೊಲೀಸ್ ಠಾಣೆ ಹಾಗೂ ಮಹಿಳಾ ಪೊಲೀಸ್ ಠಾಣೆಗಳಲ್ಲಿ ಸಿಬ್ಬಂದಿ ಹೆಚ್ಚಿಸಬೇಕು. ಸೈಬರ್ ಅಪರಾಧ ಪ್ರಕರಣಗಳು ಹೆಚ್ಚುತ್ತಿರುವ ಹಿನ್ನೆಲೆಯಲ್ಲಿ ವಿಶೇಷ ಘಟಕ ಬಲಪಡಿಸಬೇಕು. ಈ ಸಂದರ್ಭದಲ್ಲಿ ಸಂಘಟನೆಯ ಪದಾಧಿಕಾರಿಗಳು ಉಪಸ್ಥಿತರಿದ್ದರು. ಅಧಿಕಾರಿಗಳ ಕೊರತೆಯಿಂದ ಪ್ರಕರಣಗಳ ತನಿಖೆ ವಿಳಂಬವಾಗುತ್ತಿದೆ. ಕೂಡಲೇ ಸರ್ಕಾರ ಕ್ರಮ ಕೈಗೊಳ್ಳಬೇಕು ಎಂದು ಒತ್ತಾಯಿಸಲಾಯಿತು. ಜಿಲ್ಲಾ ಪೊಲೀಸ್ ವರಿಷ್ಠಾಧಿಕಾರಿಗಳ ಕಚೇರಿ ಹಾಗೂ ಪೊಲೀಸ್ ಆಯುಕ್ತರ ಕಚೇರಿಗೂ ಮನವಿ ಸಲ್ಲಿಸಲಾಗಿದೆ. ಸಮರ್ಪಕ ಸ್ಪಂದನೆ ಸಿಗದಿದ್ದರೆ ಹೋರಾಟ ಮಾಡಲಾಗುವುದು ಎಂದು ಎಚ್ಚರಿಸಿದರು.
